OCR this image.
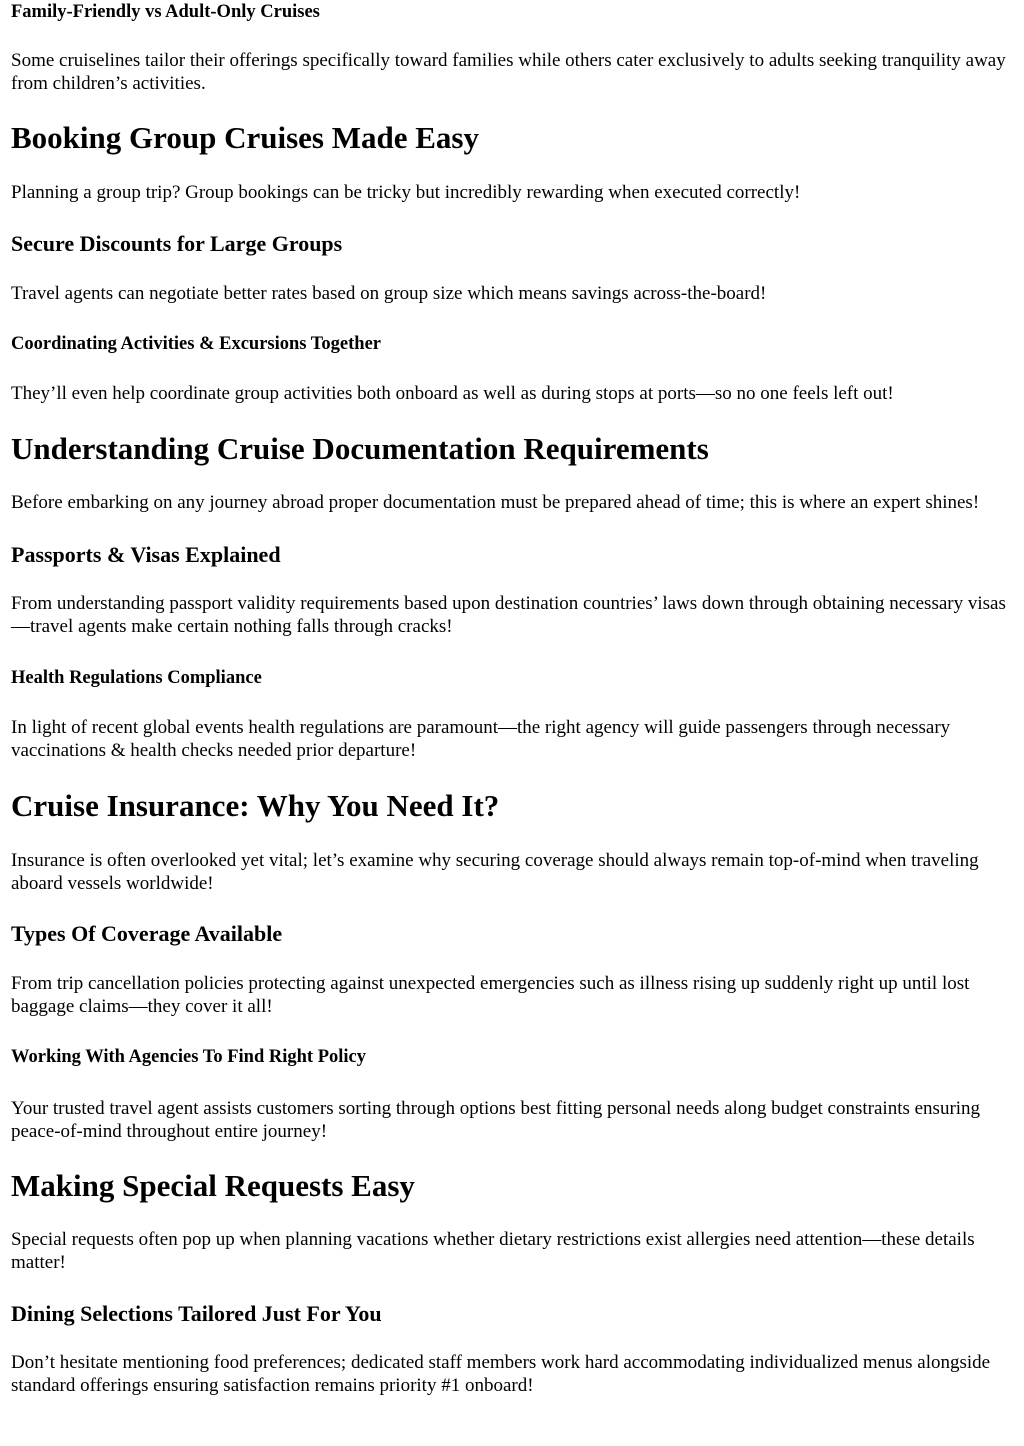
Family-Friendly vs Adult-Only Cruises

Some cruiselines tailor their offerings specifically toward families while others cater exclusively to adults seeking tranquility away from children’s activities.

Booking Group Cruises Made Easy

Planning a group trip? Group bookings can be tricky but incredibly rewarding when executed correctly!

Secure Discounts for Large Groups

Travel agents can negotiate better rates based on group size which means savings across-the-board!

Coordinating Activities & Excursions Together

They’ll even help coordinate group activities both onboard as well as during stops at ports—so no one feels left out!

Understanding Cruise Documentation Requirements

Before embarking on any journey abroad proper documentation must be prepared ahead of time; this is where an expert shines!

Passports & Visas Explained

From understanding passport validity requirements based upon destination countries’ laws down through obtaining necessary visas—travel agents make certain nothing falls through cracks!

Health Regulations Compliance

In light of recent global events health regulations are paramount—the right agency will guide passengers through necessary vaccinations & health checks needed prior departure!

Cruise Insurance: Why You Need It?

Insurance is often overlooked yet vital; let’s examine why securing coverage should always remain top-of-mind when traveling aboard vessels worldwide!

Types Of Coverage Available

From trip cancellation policies protecting against unexpected emergencies such as illness rising up suddenly right up until lost baggage claims—they cover it all!

Working With Agencies To Find Right Policy

Your trusted travel agent assists customers sorting through options best fitting personal needs along budget constraints ensuring peace-of-mind throughout entire journey!

Making Special Requests Easy

Special requests often pop up when planning vacations whether dietary restrictions exist allergies need attention—these details matter!

Dining Selections Tailored Just For You

Don’t hesitate mentioning food preferences; dedicated staff members work hard accommodating individualized menus alongside standard offerings ensuring satisfaction remains priority #1 onboard!
